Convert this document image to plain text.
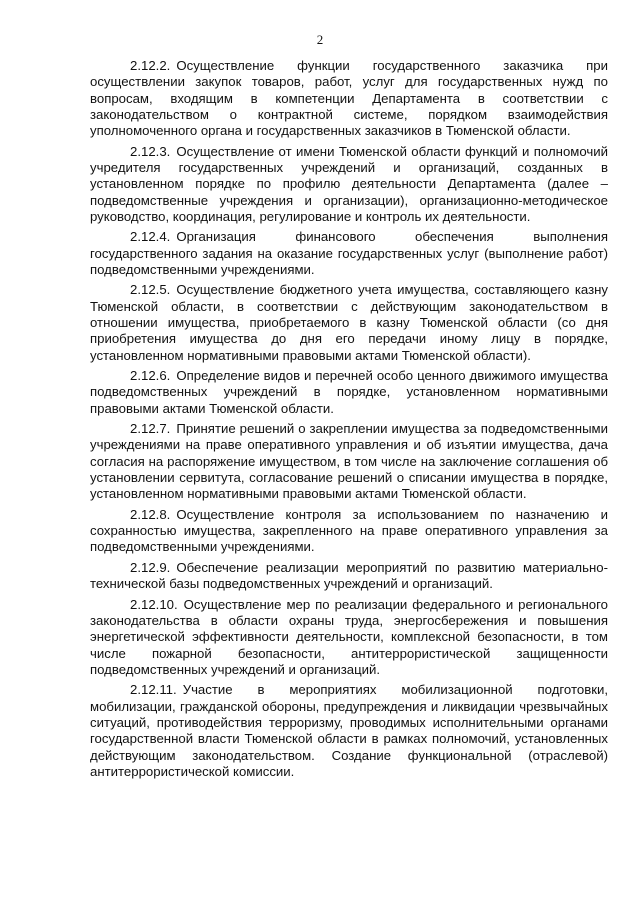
2

2.12.2. Осуществление функции государственного заказчика при осуществлении закупок товаров, работ, услуг для государственных нужд по вопросам, входящим в компетенции Департамента в соответствии с законодательством о контрактной системе, порядком взаимодействия уполномоченного органа и государственных заказчиков в Тюменской области.

2.12.3. Осуществление от имени Тюменской области функций и полномочий учредителя государственных учреждений и организаций, созданных в установленном порядке по профилю деятельности Департамента (далее – подведомственные учреждения и организации), организационно-методическое руководство, координация, регулирование и контроль их деятельности.

2.12.4. Организация финансового обеспечения выполнения государственного задания на оказание государственных услуг (выполнение работ) подведомственными учреждениями.

2.12.5. Осуществление бюджетного учета имущества, составляющего казну Тюменской области, в соответствии с действующим законодательством в отношении имущества, приобретаемого в казну Тюменской области (со дня приобретения имущества до дня его передачи иному лицу в порядке, установленном нормативными правовыми актами Тюменской области).

2.12.6. Определение видов и перечней особо ценного движимого имущества подведомственных учреждений в порядке, установленном нормативными правовыми актами Тюменской области.

2.12.7. Принятие решений о закреплении имущества за подведомственными учреждениями на праве оперативного управления и об изъятии имущества, дача согласия на распоряжение имуществом, в том числе на заключение соглашения об установлении сервитута, согласование решений о списании имущества в порядке, установленном нормативными правовыми актами Тюменской области.

2.12.8. Осуществление контроля за использованием по назначению и сохранностью имущества, закрепленного на праве оперативного управления за подведомственными учреждениями.

2.12.9. Обеспечение реализации мероприятий по развитию материально-технической базы подведомственных учреждений и организаций.

2.12.10. Осуществление мер по реализации федерального и регионального законодательства в области охраны труда, энергосбережения и повышения энергетической эффективности деятельности, комплексной безопасности, в том числе пожарной безопасности, антитеррористической защищенности подведомственных учреждений и организаций.

2.12.11. Участие в мероприятиях мобилизационной подготовки, мобилизации, гражданской обороны, предупреждения и ликвидации чрезвычайных ситуаций, противодействия терроризму, проводимых исполнительными органами государственной власти Тюменской области в рамках полномочий, установленных действующим законодательством. Создание функциональной (отраслевой) антитеррористической комиссии.
